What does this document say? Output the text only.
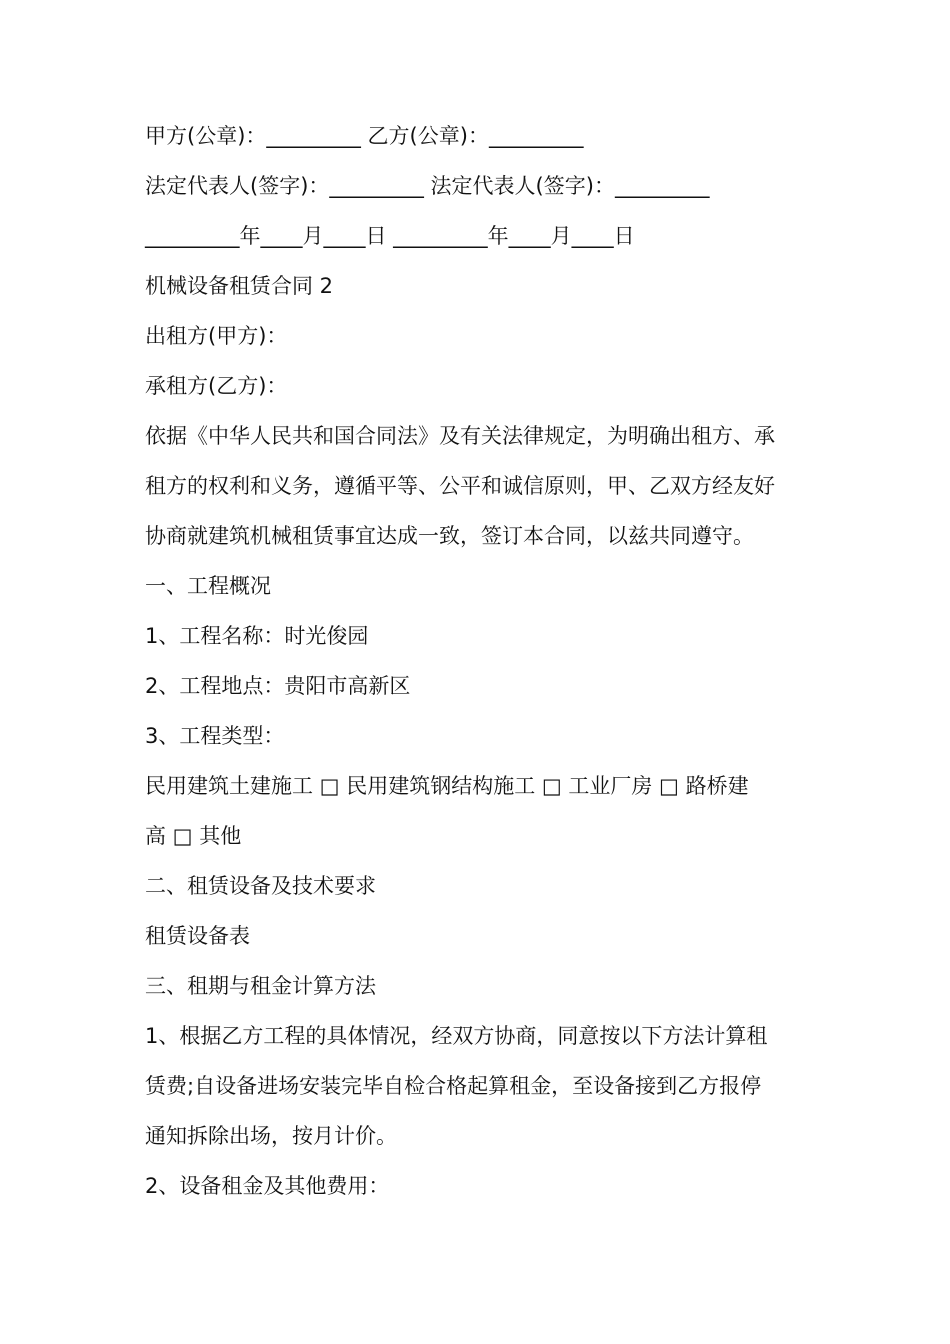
甲方(公章)：_________ 乙方(公章)：_________
法定代表人(签字)：_________ 法定代表人(签字)：_________
_________年____月____日 _________年____月____日
机械设备租赁合同 2
出租方(甲方)：
承租方(乙方)：
依据《中华人民共和国合同法》及有关法律规定，为明确出租方、承
租方的权利和义务，遵循平等、公平和诚信原则，甲、乙双方经友好
协商就建筑机械租赁事宜达成一致，签订本合同，以兹共同遵守。
一、工程概况
1、工程名称：时光俊园
2、工程地点：贵阳市高新区
3、工程类型：
民用建筑土建施工 □ 民用建筑钢结构施工 □ 工业厂房 □ 路桥建
高 □ 其他
二、租赁设备及技术要求
租赁设备表
三、租期与租金计算方法
1、根据乙方工程的具体情况，经双方协商，同意按以下方法计算租
赁费;自设备进场安装完毕自检合格起算租金，至设备接到乙方报停
通知拆除出场，按月计价。
2、设备租金及其他费用：
